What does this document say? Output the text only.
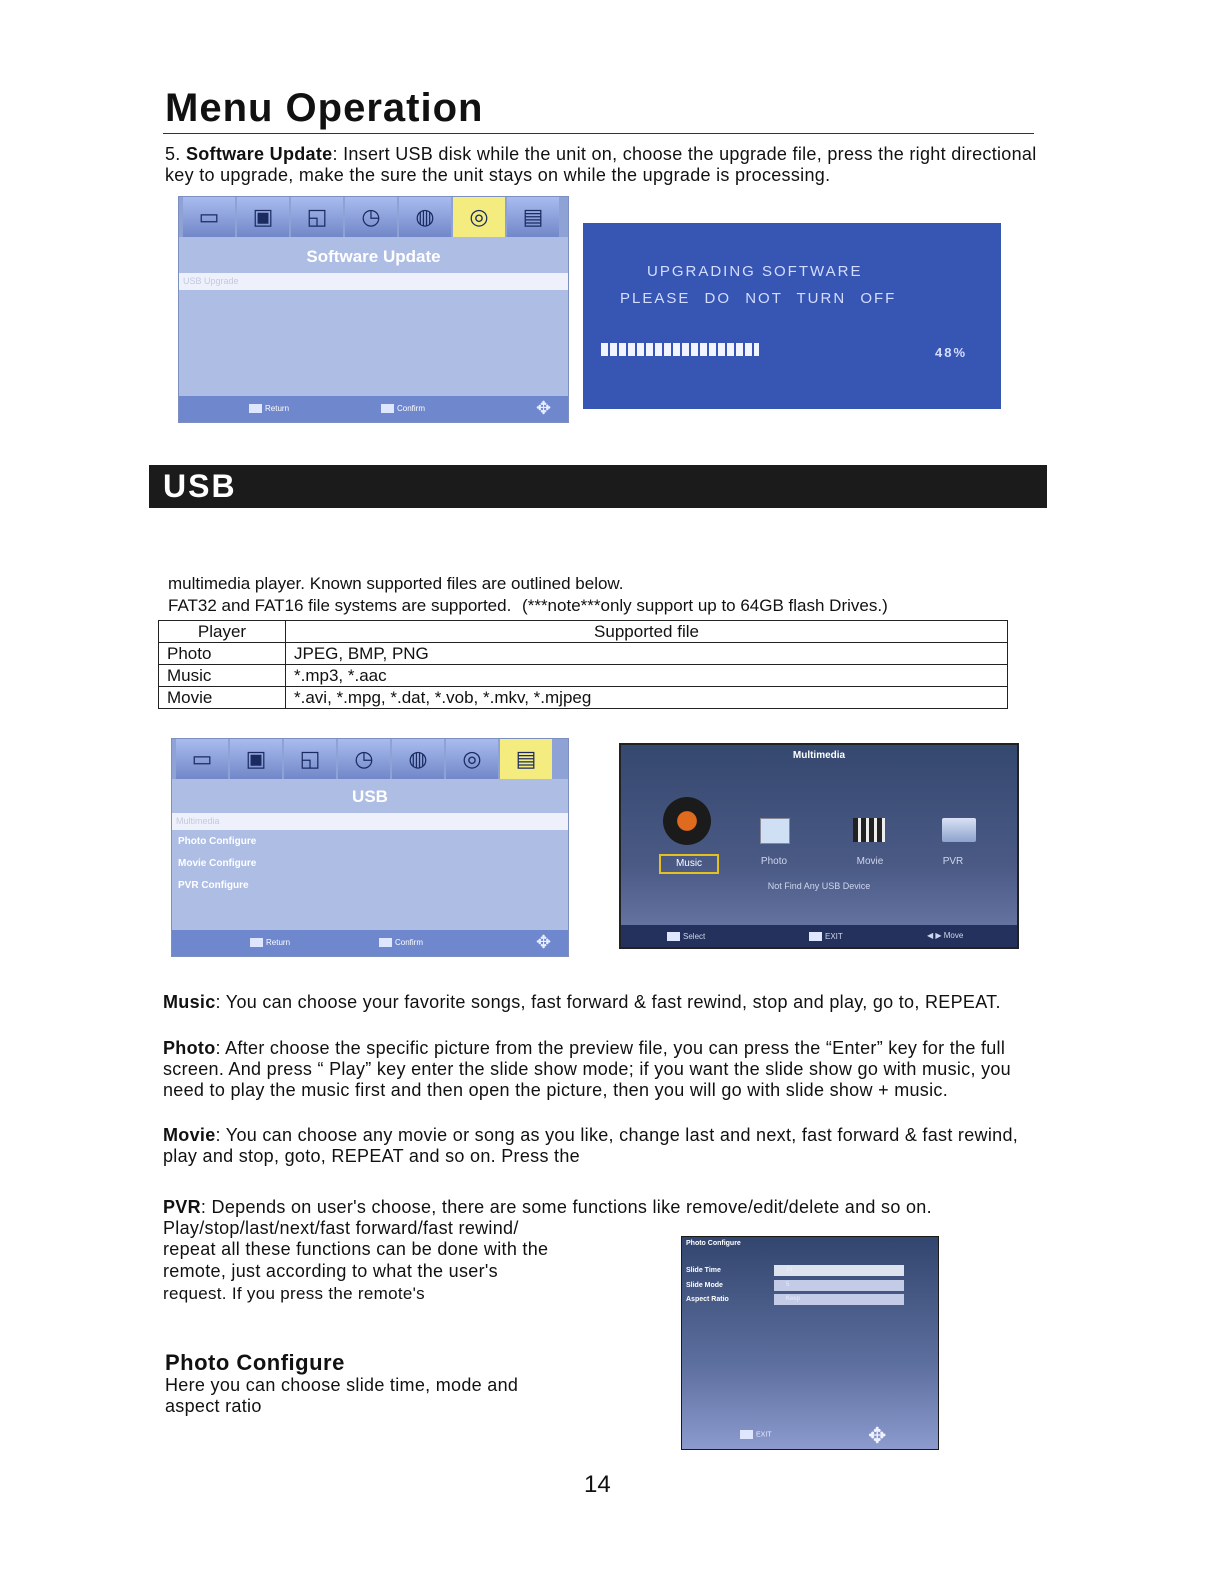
Menu Operation
5. Software Update: Insert USB disk while the unit on, choose the upgrade file, press the right directional key to upgrade, make the sure the unit stays on while the upgrade is processing.
▭	▣	◱	◷	◍	◎	▤
Software Update
USB Upgrade
Return	Confirm	✥
UPGRADING SOFTWARE
PLEASE DO NOT TURN OFF
48%
USB
multimedia player. Known supported files are outlined below.
FAT32 and FAT16 file systems are supported. (***note***only support up to 64GB flash Drives.)
Player	Supported file
Photo	JPEG, BMP, PNG
Music	*.mp3, *.aac
Movie	*.avi, *.mpg, *.dat, *.vob, *.mkv, *.mjpeg
▭	▣	◱	◷	◍	◎	▤
USB
Multimedia
Photo Configure
Movie Configure
PVR Configure
Return	Confirm	✥
Multimedia
Music	Photo	Movie	PVR
Not Find Any USB Device
Select	EXIT	◀ ▶ Move
Music: You can choose your favorite songs, fast forward & fast rewind, stop and play, go to, REPEAT.
Photo: After choose the specific picture from the preview file, you can press the “Enter” key for the full screen. And press “ Play” key enter the slide show mode; if you want the slide show go with music, you need to play the music first and then open the picture, then you will go with slide show + music.
Movie: You can choose any movie or song as you like, change last and next, fast forward & fast rewind, play and stop, goto, REPEAT and so on. Press the
PVR: Depends on user's choose, there are some functions like remove/edit/delete and so on.
Play/stop/last/next/fast forward/fast rewind/
repeat all these functions can be done with the
remote, just according to what the user's
request. If you press the remote's
Photo Configure
Here you can choose slide time, mode and aspect ratio
Photo Configure
Slide Time	2s
Slide Mode	5
Aspect Ratio	Keep
EXIT	✥
14
